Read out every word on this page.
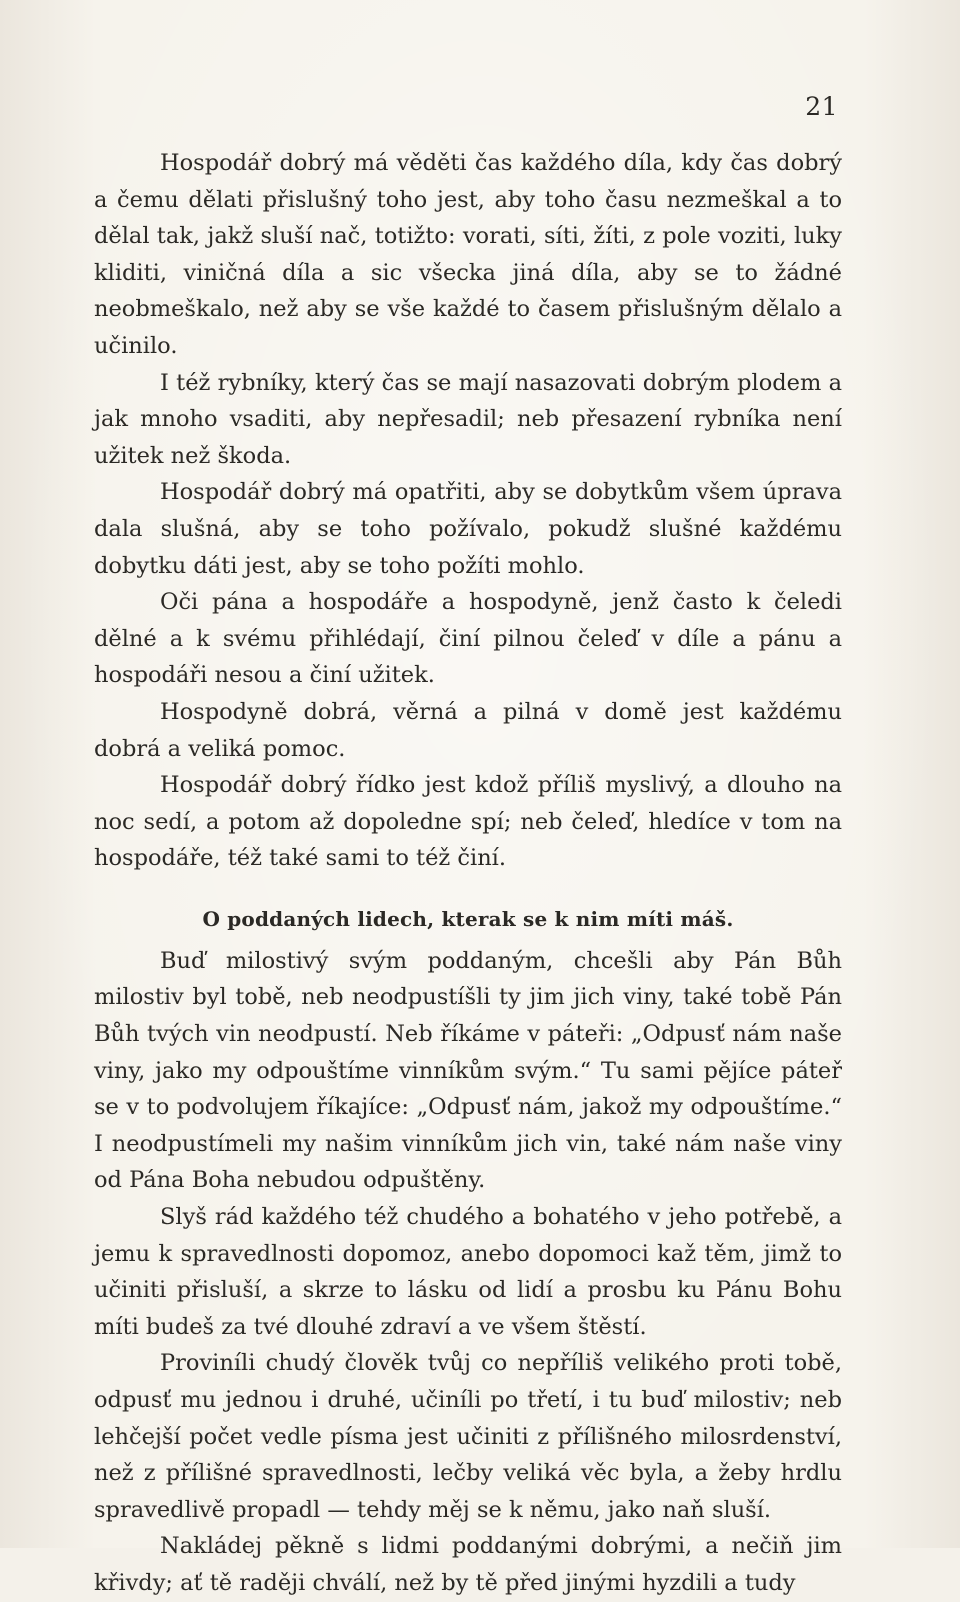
21

Hospodář dobrý má věděti čas každého díla, kdy čas dobrý a čemu dělati přislušný toho jest, aby toho času nezmeškal a to dělal tak, jakž sluší nač, totižto: vorati, síti, žíti, z pole voziti, luky kliditi, viničná díla a sic všecka jiná díla, aby se to žádné neobmeškalo, než aby se vše každé to časem přislušným dělalo a učinilo.

I též rybníky, který čas se mají nasazovati dobrým plodem a jak mnoho vsaditi, aby nepřesadil; neb přesazení rybníka není užitek než škoda.

Hospodář dobrý má opatřiti, aby se dobytkům všem úprava dala slušná, aby se toho požívalo, pokudž slušné každému dobytku dáti jest, aby se toho požíti mohlo.

Oči pána a hospodáře a hospodyně, jenž často k čeledi dělné a k svému přihlédají, činí pilnou čeleď v díle a pánu a hospodáři nesou a činí užitek.

Hospodyně dobrá, věrná a pilná v domě jest každému dobrá a veliká pomoc.

Hospodář dobrý řídko jest kdož příliš myslivý, a dlouho na noc sedí, a potom až dopoledne spí; neb čeleď, hledíce v tom na hospodáře, též také sami to též činí.

O poddaných lidech, kterak se k nim míti máš.

Buď milostivý svým poddaným, chcešli aby Pán Bůh milostiv byl tobě, neb neodpustíšli ty jim jich viny, také tobě Pán Bůh tvých vin neodpustí. Neb říkáme v páteři: „Odpusť nám naše viny, jako my odpouštíme vinníkům svým.“ Tu sami pějíce páteř se v to podvolujem říkajíce: „Odpusť nám, jakož my odpouštíme.“ I neodpustímeli my našim vinníkům jich vin, také nám naše viny od Pána Boha nebudou odpuštěny.

Slyš rád každého též chudého a bohatého v jeho potřebě, a jemu k spravedlnosti dopomoz, anebo dopomoci kaž těm, jimž to učiniti přisluší, a skrze to lásku od lidí a prosbu ku Pánu Bohu míti budeš za tvé dlouhé zdraví a ve všem štěstí.

Proviníli chudý člověk tvůj co nepříliš velikého proti tobě, odpusť mu jednou i druhé, učiníli po třetí, i tu buď milostiv; neb lehčejší počet vedle písma jest učiniti z přílišného milosrdenství, než z přílišné spravedlnosti, lečby veliká věc byla, a žeby hrdlu spravedlivě propadl — tehdy měj se k němu, jako naň sluší.

Nakládej pěkně s lidmi poddanými dobrými, a nečiň jim křivdy; ať tě raději chválí, než by tě před jinými hyzdili a tudy
